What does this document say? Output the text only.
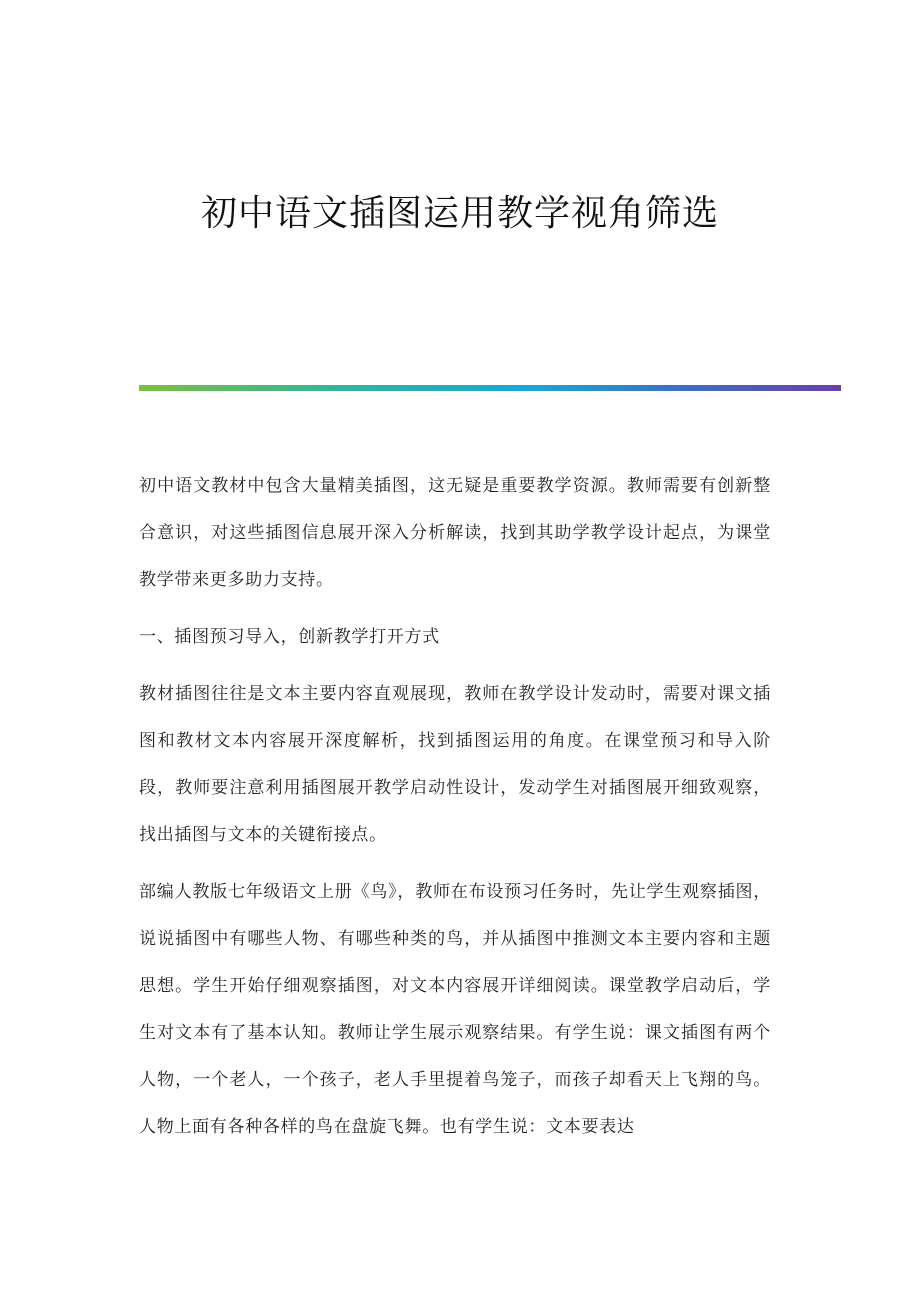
初中语文插图运用教学视角筛选

初中语文教材中包含大量精美插图，这无疑是重要教学资源。教师需要有创新整合意识，对这些插图信息展开深入分析解读，找到其助学教学设计起点，为课堂教学带来更多助力支持。

一、插图预习导入，创新教学打开方式

教材插图往往是文本主要内容直观展现，教师在教学设计发动时，需要对课文插图和教材文本内容展开深度解析，找到插图运用的角度。在课堂预习和导入阶段，教师要注意利用插图展开教学启动性设计，发动学生对插图展开细致观察，找出插图与文本的关键衔接点。

部编人教版七年级语文上册《鸟》，教师在布设预习任务时，先让学生观察插图，说说插图中有哪些人物、有哪些种类的鸟，并从插图中推测文本主要内容和主题思想。学生开始仔细观察插图，对文本内容展开详细阅读。课堂教学启动后，学生对文本有了基本认知。教师让学生展示观察结果。有学生说：课文插图有两个人物，一个老人，一个孩子，老人手里提着鸟笼子，而孩子却看天上飞翔的鸟。人物上面有各种各样的鸟在盘旋飞舞。也有学生说：文本要表达
